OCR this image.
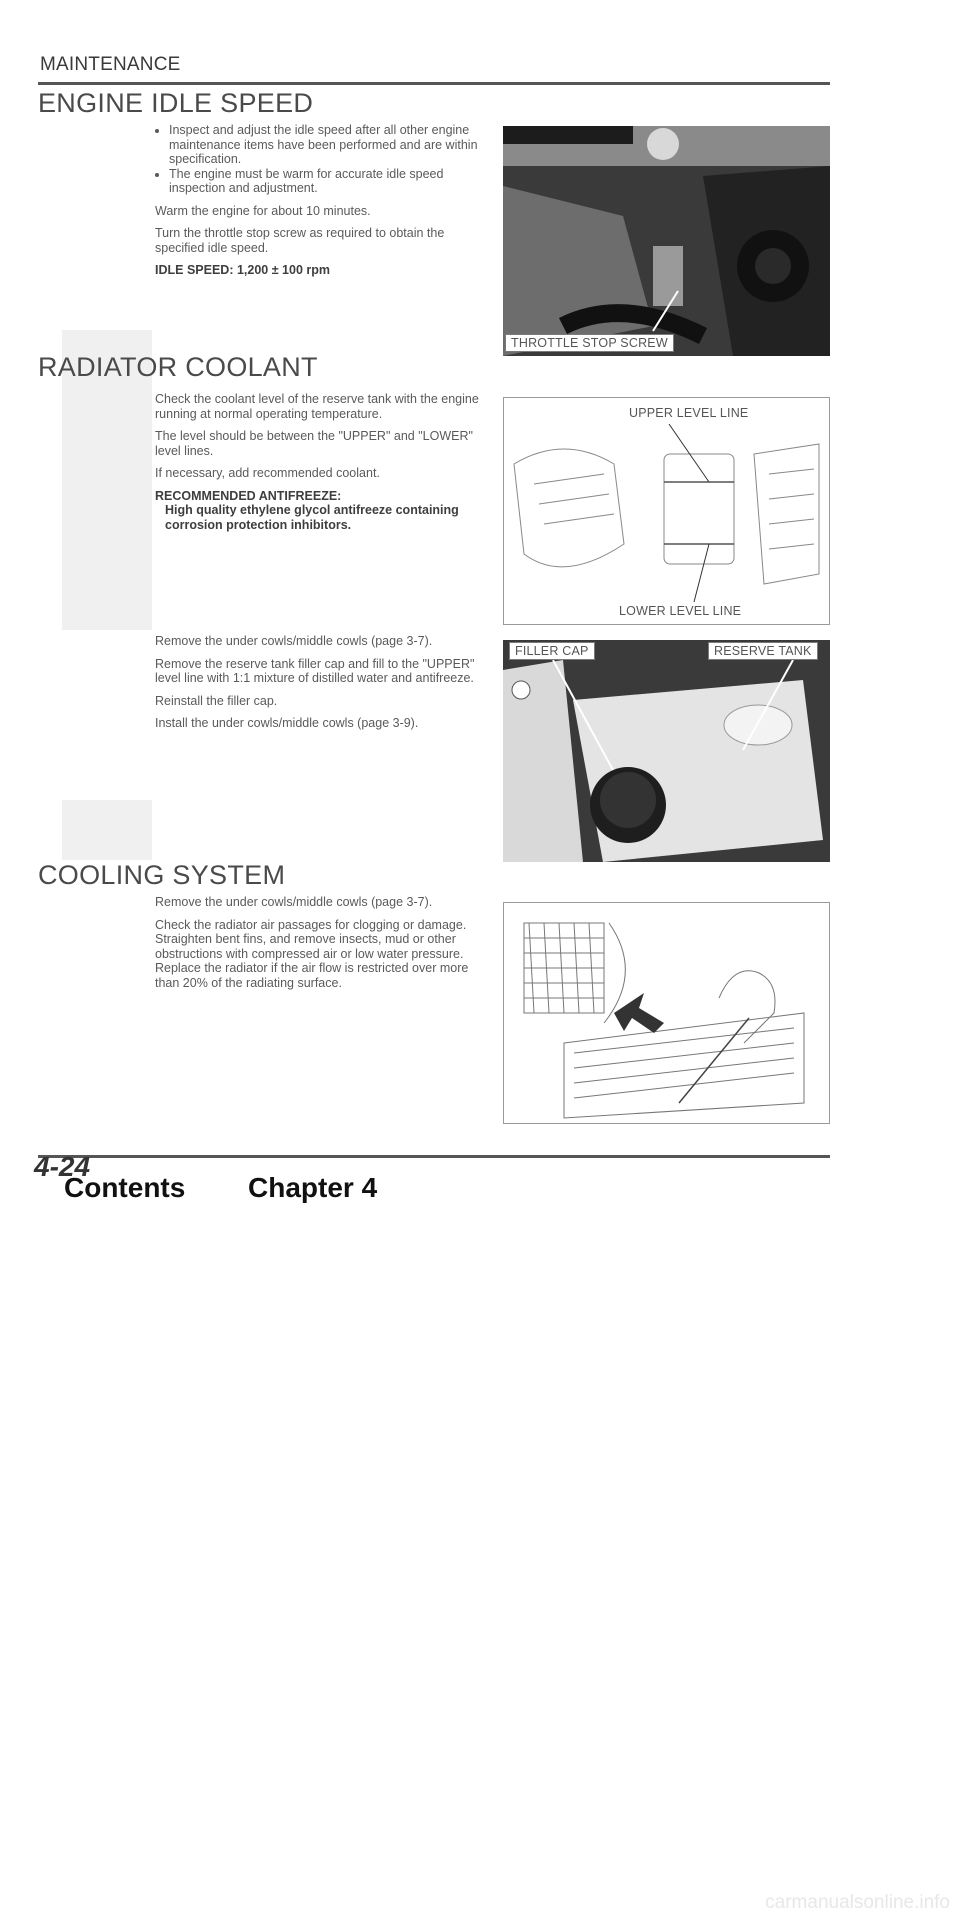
MAINTENANCE
ENGINE IDLE SPEED
• Inspect and adjust the idle speed after all other engine maintenance items have been performed and are within specification.
• The engine must be warm for accurate idle speed inspection and adjustment.

Warm the engine for about 10 minutes.

Turn the throttle stop screw as required to obtain the specified idle speed.

IDLE SPEED: 1,200 ± 100 rpm

THROTTLE STOP SCREW
RADIATOR COOLANT

Check the coolant level of the reserve tank with the engine running at normal operating temperature.

The level should be between the "UPPER" and "LOWER" level lines.

If necessary, add recommended coolant.

RECOMMENDED ANTIFREEZE:
High quality ethylene glycol antifreeze containing corrosion protection inhibitors.
UPPER LEVEL LINE
LOWER LEVEL LINE

Remove the under cowls/middle cowls (page 3-7).

Remove the reserve tank filler cap and fill to the "UPPER" level line with 1:1 mixture of distilled water and antifreeze.

Reinstall the filler cap.

Install the under cowls/middle cowls (page 3-9).

FILLER CAP	RESERVE TANK
COOLING SYSTEM

Remove the under cowls/middle cowls (page 3-7).

Check the radiator air passages for clogging or damage.
Straighten bent fins, and remove insects, mud or other obstructions with compressed air or low water pressure.
Replace the radiator if the air flow is restricted over more than 20% of the radiating surface.
4-24
Contents Chapter 4
carmanualsonline.info
